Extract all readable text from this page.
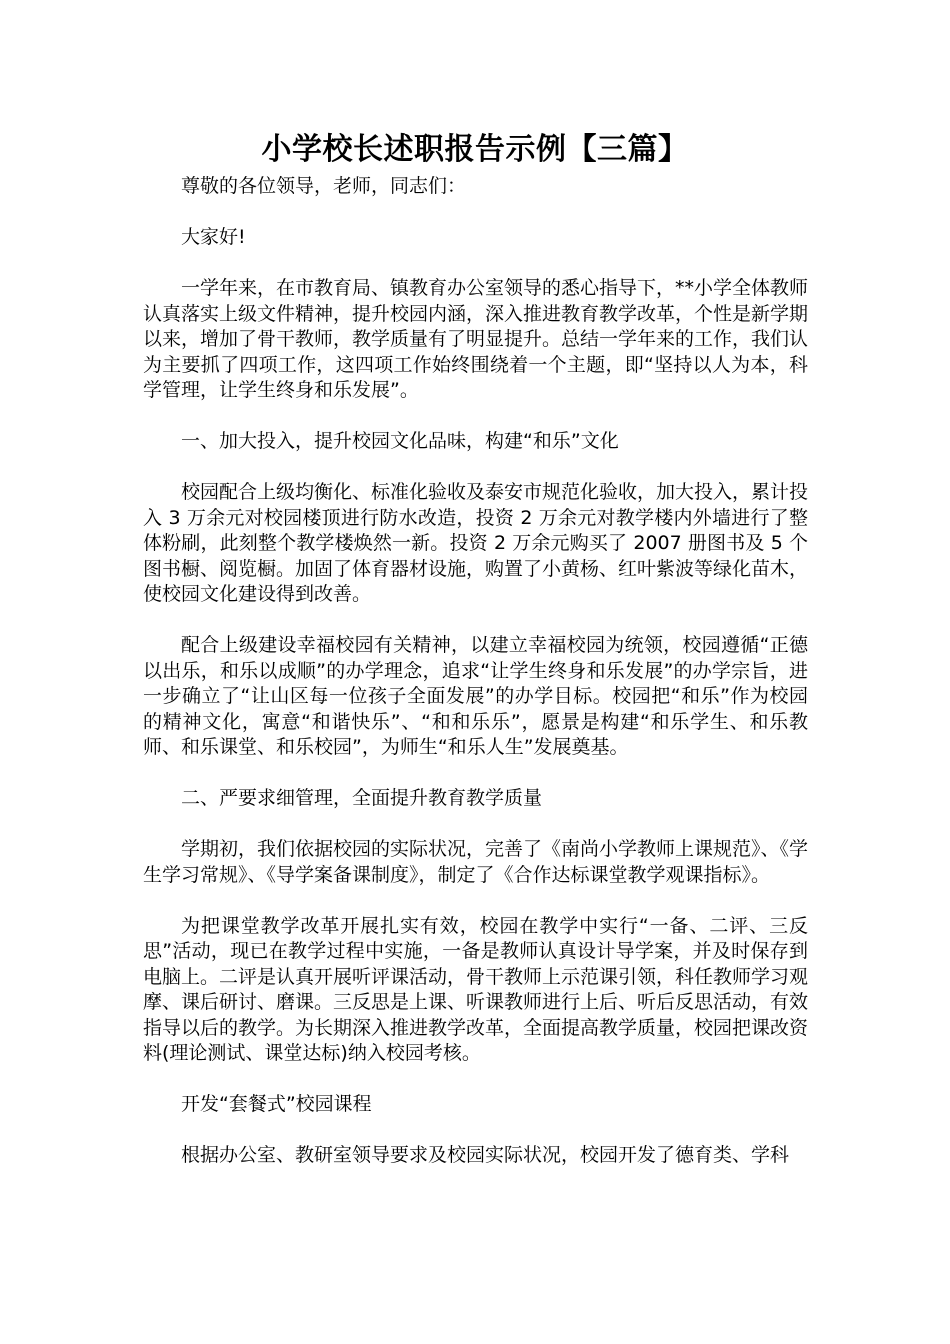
小学校长述职报告示例【三篇】

尊敬的各位领导，老师，同志们：

大家好!

一学年来，在市教育局、镇教育办公室领导的悉心指导下，**小学全体教师认真落实上级文件精神，提升校园内涵，深入推进教育教学改革，个性是新学期以来，增加了骨干教师，教学质量有了明显提升。总结一学年来的工作，我们认为主要抓了四项工作，这四项工作始终围绕着一个主题，即“坚持以人为本，科学管理，让学生终身和乐发展”。

一、加大投入，提升校园文化品味，构建“和乐”文化

校园配合上级均衡化、标准化验收及泰安市规范化验收，加大投入，累计投入 3 万余元对校园楼顶进行防水改造，投资 2 万余元对教学楼内外墙进行了整体粉刷，此刻整个教学楼焕然一新。投资 2 万余元购买了 2007 册图书及 5 个图书橱、阅览橱。加固了体育器材设施，购置了小黄杨、红叶紫波等绿化苗木，使校园文化建设得到改善。

配合上级建设幸福校园有关精神，以建立幸福校园为统领，校园遵循“正德以出乐，和乐以成顺”的办学理念，追求“让学生终身和乐发展”的办学宗旨，进一步确立了“让山区每一位孩子全面发展”的办学目标。校园把“和乐”作为校园的精神文化，寓意“和谐快乐”、“和和乐乐”，愿景是构建“和乐学生、和乐教师、和乐课堂、和乐校园”，为师生“和乐人生”发展奠基。

二、严要求细管理，全面提升教育教学质量

学期初，我们依据校园的实际状况，完善了《南尚小学教师上课规范》、《学生学习常规》、《导学案备课制度》，制定了《合作达标课堂教学观课指标》。

为把课堂教学改革开展扎实有效，校园在教学中实行“一备、二评、三反思”活动，现已在教学过程中实施，一备是教师认真设计导学案，并及时保存到电脑上。二评是认真开展听评课活动，骨干教师上示范课引领，科任教师学习观摩、课后研讨、磨课。三反思是上课、听课教师进行上后、听后反思活动，有效指导以后的教学。为长期深入推进教学改革，全面提高教学质量，校园把课改资料(理论测试、课堂达标)纳入校园考核。

开发“套餐式”校园课程

根据办公室、教研室领导要求及校园实际状况，校园开发了德育类、学科
